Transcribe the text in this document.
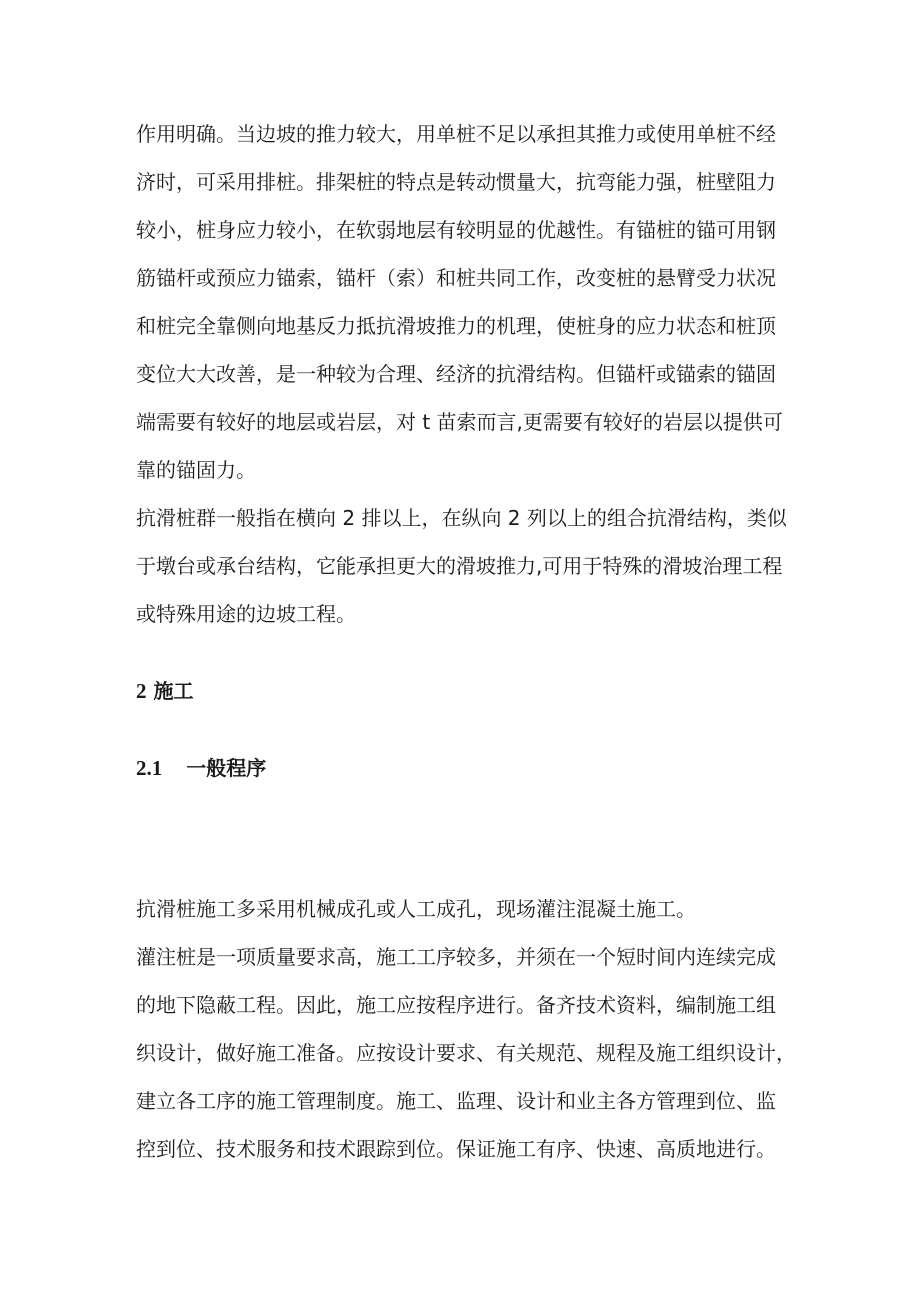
作用明确。当边坡的推力较大，用单桩不足以承担其推力或使用单桩不经
济时，可采用排桩。排架桩的特点是转动惯量大，抗弯能力强，桩壁阻力
较小，桩身应力较小，在软弱地层有较明显的优越性。有锚桩的锚可用钢
筋锚杆或预应力锚索，锚杆（索）和桩共同工作，改变桩的悬臂受力状况
和桩完全靠侧向地基反力抵抗滑坡推力的机理，使桩身的应力状态和桩顶
变位大大改善，是一种较为合理、经济的抗滑结构。但锚杆或锚索的锚固
端需要有较好的地层或岩层，对 t 苗索而言,更需要有较好的岩层以提供可
靠的锚固力。
抗滑桩群一般指在横向 2 排以上，在纵向 2 列以上的组合抗滑结构，类似
于墩台或承台结构，它能承担更大的滑坡推力,可用于特殊的滑坡治理工程
或特殊用途的边坡工程。
2 施工
2.1 一般程序
抗滑桩施工多采用机械成孔或人工成孔，现场灌注混凝土施工。
灌注桩是一项质量要求高，施工工序较多，并须在一个短时间内连续完成
的地下隐蔽工程。因此，施工应按程序进行。备齐技术资料，编制施工组
织设计，做好施工准备。应按设计要求、有关规范、规程及施工组织设计，
建立各工序的施工管理制度。施工、监理、设计和业主各方管理到位、监
控到位、技术服务和技术跟踪到位。保证施工有序、快速、高质地进行。
